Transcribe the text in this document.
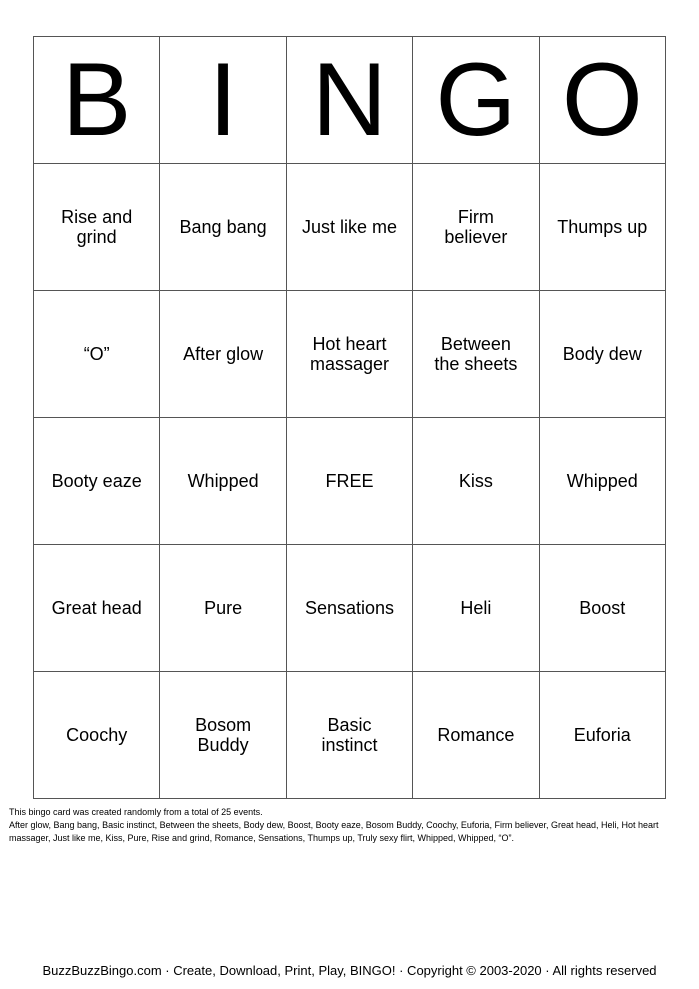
B	I	N	G	O
Rise and grind	Bang bang	Just like me	Firm believer	Thumps up
“O”	After glow	Hot heart massager	Between the sheets	Body dew
Booty eaze	Whipped	FREE	Kiss	Whipped
Great head	Pure	Sensations	Heli	Boost
Coochy	Bosom Buddy	Basic instinct	Romance	Euforia

This bingo card was created randomly from a total of 25 events.

After glow, Bang bang, Basic instinct, Between the sheets, Body dew, Boost, Booty eaze, Bosom Buddy, Coochy, Euforia, Firm believer, Great head, Heli, Hot heart massager, Just like me, Kiss, Pure, Rise and grind, Romance, Sensations, Thumps up, Truly sexy flirt, Whipped, Whipped, “O”.

BuzzBuzzBingo.com · Create, Download, Print, Play, BINGO! · Copyright © 2003-2020 · All rights reserved
